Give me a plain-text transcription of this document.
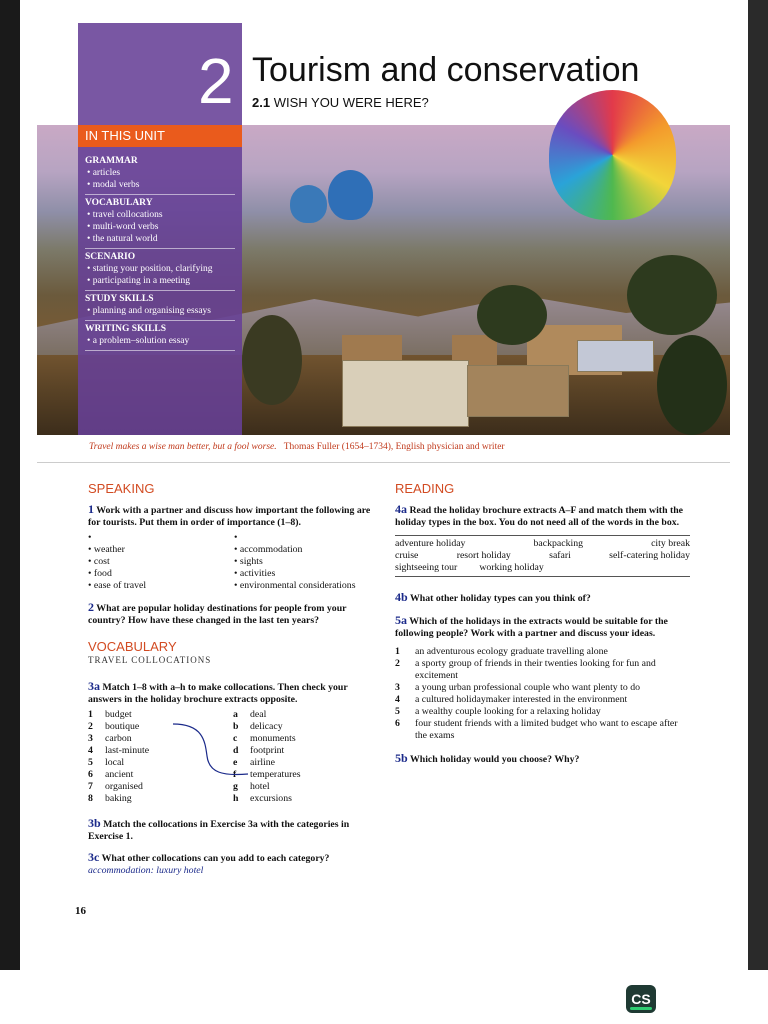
2
IN THIS UNIT
GRAMMAR
• articles
• modal verbs
VOCABULARY
• travel collocations
• multi-word verbs
• the natural world
SCENARIO
• stating your position, clarifying
• participating in a meeting
STUDY SKILLS
• planning and organising essays
WRITING SKILLS
• a problem–solution essay
Tourism and conservation
2.1 WISH YOU WERE HERE?
Travel makes a wise man better, but a fool worse. Thomas Fuller (1654–1734), English physician and writer
SPEAKING
1 Work with a partner and discuss how important the following are for tourists. Put them in order of importance (1–8).
• • weather
• cost
• food
• ease of travel
• • accommodation
• sights
• activities
• environmental considerations
2 What are popular holiday destinations for people from your country? How have these changed in the last ten years?
VOCABULARY
TRAVEL COLLOCATIONS
3a Match 1–8 with a–h to make collocations. Then check your answers in the holiday brochure extracts opposite.
1	budget
2	boutique
3	carbon
4	last-minute
5	local
6	ancient
7	organised
8	baking
a	deal
b	delicacy
c	monuments
d	footprint
e	airline
f	temperatures
g	hotel
h	excursions
3b Match the collocations in Exercise 3a with the categories in Exercise 1.
3c What other collocations can you add to each category?
accommodation: luxury hotel
READING
4a Read the holiday brochure extracts A–F and match them with the holiday types in the box. You do not need all of the words in the box.
adventure holiday	backpacking	city break
cruise	resort holiday	safari	self-catering holiday
sightseeing tour working holiday
4b What other holiday types can you think of?
5a Which of the holidays in the extracts would be suitable for the following people? Work with a partner and discuss your ideas.
1	an adventurous ecology graduate travelling alone
2	a sporty group of friends in their twenties looking for fun and excitement
3	a young urban professional couple who want plenty to do
4	a cultured holidaymaker interested in the environment
5	a wealthy couple looking for a relaxing holiday
6	four student friends with a limited budget who want to escape after the exams
5b Which holiday would you choose? Why?
16
CS
